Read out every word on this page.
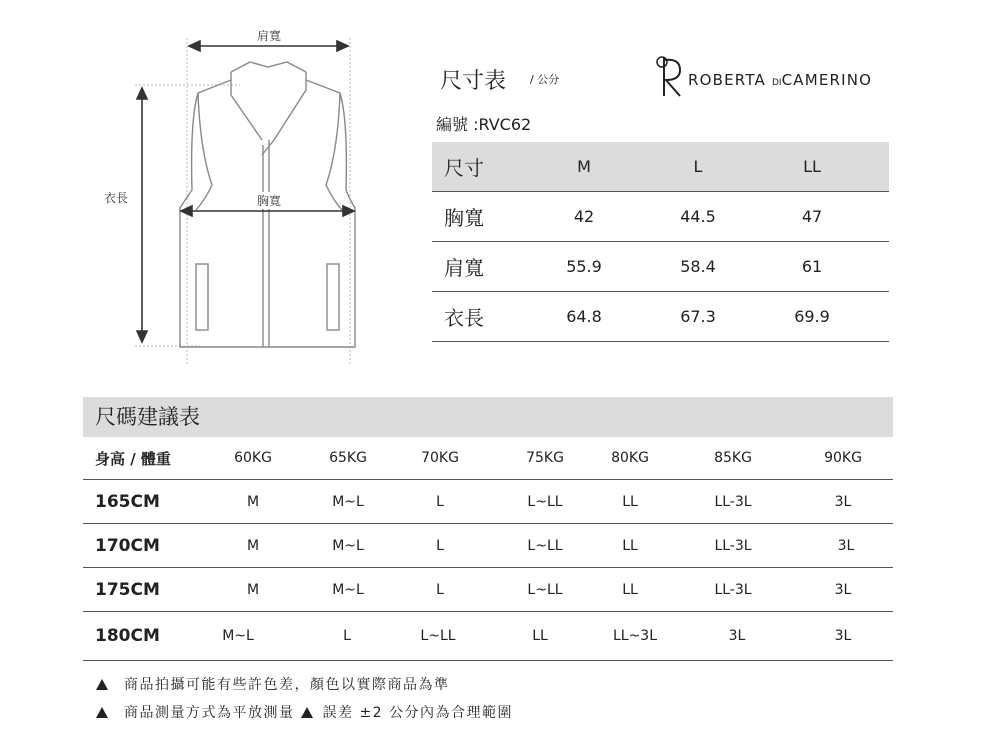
肩寬
胸寬
衣長
尺寸表 / 公分
編號 :RVC62
ROBERTA DICAMERINO
尺寸	M	L	LL
胸寬	42	44.5	47
肩寬	55.9	58.4	61
衣長	64.8	67.3	69.9
尺碼建議表
身高 / 體重	60KG	65KG	70KG	75KG	80KG	85KG	90KG
165CM	M	M~L	L	L~LL	LL	LL-3L	3L
170CM	M	M~L	L	L~LL	LL	LL-3L	3L
175CM	M	M~L	L	L~LL	LL	LL-3L	3L
180CM	M~L	L	L~LL	LL	LL~3L	3L	3L
商品拍攝可能有些許色差，顏色以實際商品為準
商品測量方式為平放測量 誤差 ±2 公分內為合理範圍
